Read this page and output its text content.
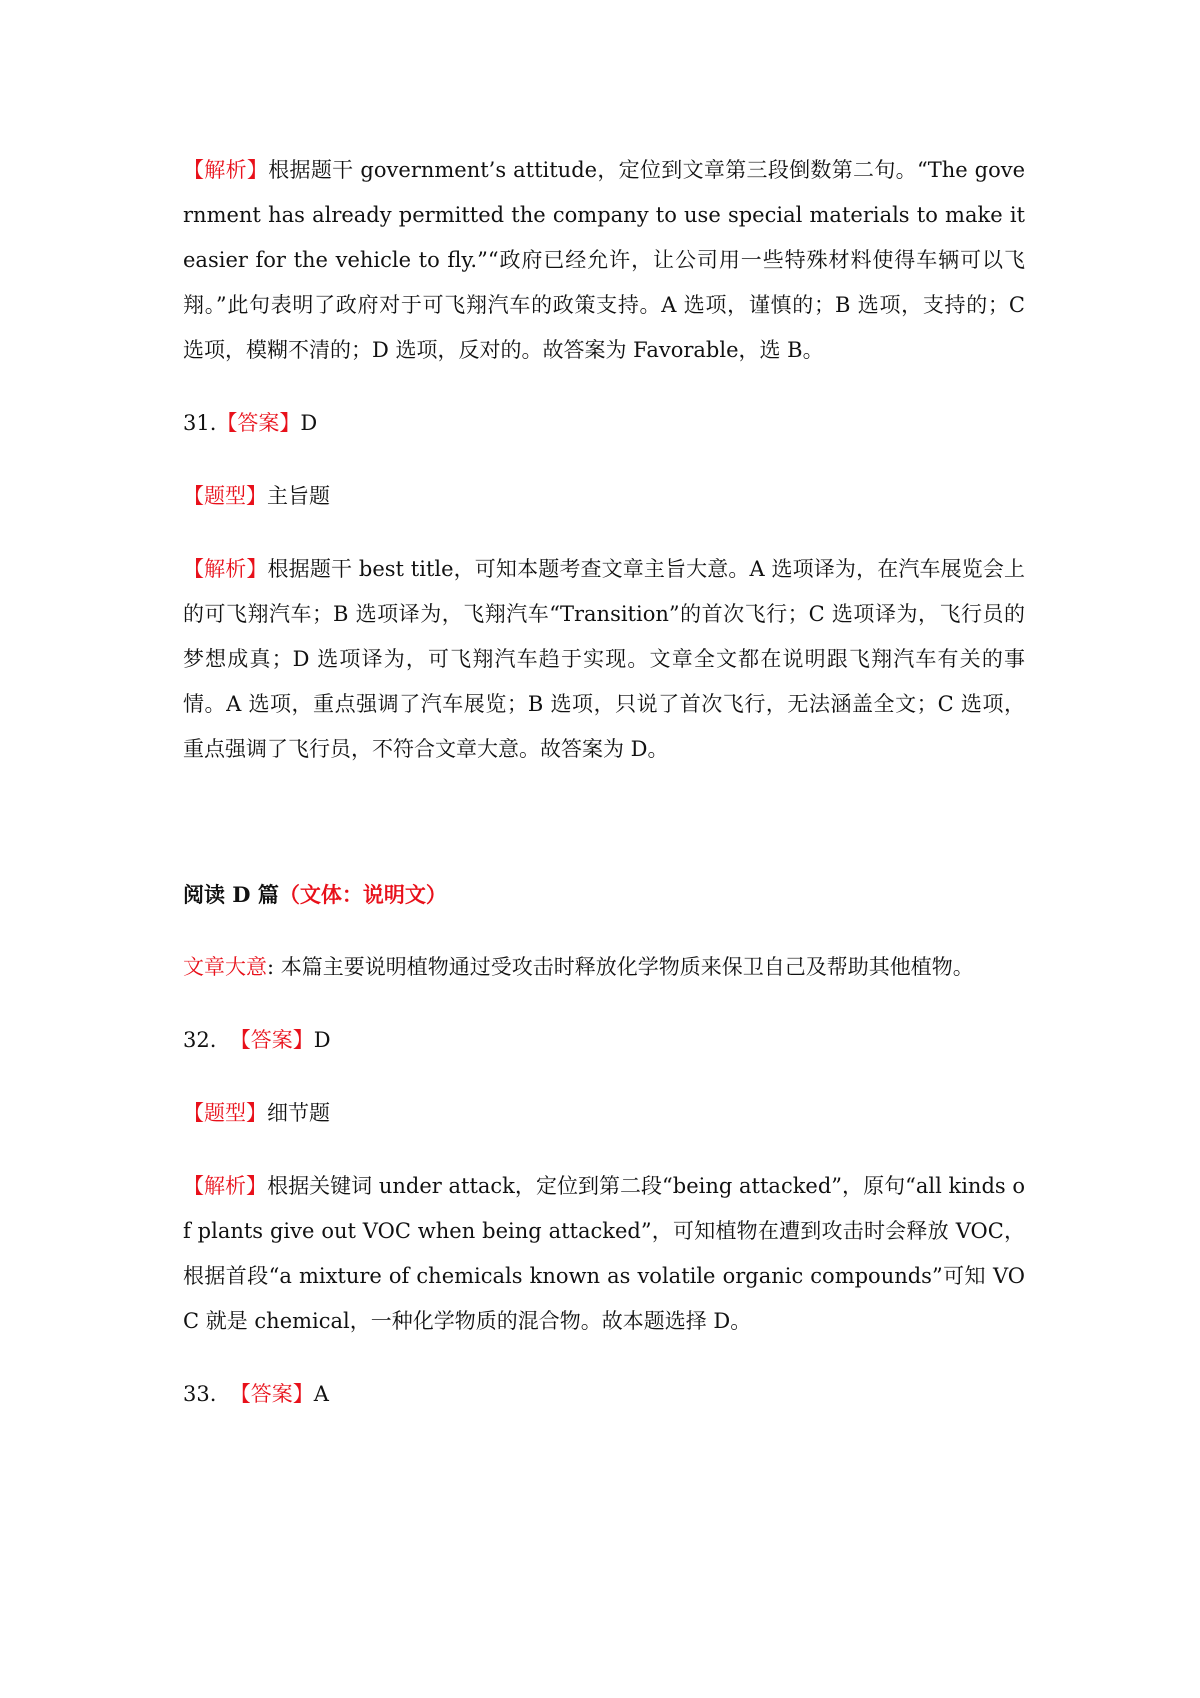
【解析】根据题干 government’s attitude，定位到文章第三段倒数第二句。“The government has already permitted the company to use special materials to make it easier for the vehicle to fly.”“政府已经允许，让公司用一些特殊材料使得车辆可以飞翔。”此句表明了政府对于可飞翔汽车的政策支持。A 选项，谨慎的；B 选项，支持的；C 选项，模糊不清的；D 选项，反对的。故答案为 Favorable，选 B。

31.【答案】D

【题型】主旨题

【解析】根据题干 best title，可知本题考查文章主旨大意。A 选项译为，在汽车展览会上的可飞翔汽车；B 选项译为，飞翔汽车“Transition”的首次飞行；C 选项译为，飞行员的梦想成真；D 选项译为，可飞翔汽车趋于实现。文章全文都在说明跟飞翔汽车有关的事情。A 选项，重点强调了汽车展览；B 选项，只说了首次飞行，无法涵盖全文；C 选项，重点强调了飞行员，不符合文章大意。故答案为 D。

阅读 D 篇（文体：说明文）

文章大意: 本篇主要说明植物通过受攻击时释放化学物质来保卫自己及帮助其他植物。

32. 【答案】D

【题型】细节题

【解析】根据关键词 under attack，定位到第二段“being attacked”，原句“all kinds of plants give out VOC when being attacked”，可知植物在遭到攻击时会释放 VOC，根据首段“a mixture of chemicals known as volatile organic compounds”可知 VOC 就是 chemical，一种化学物质的混合物。故本题选择 D。

33. 【答案】A
